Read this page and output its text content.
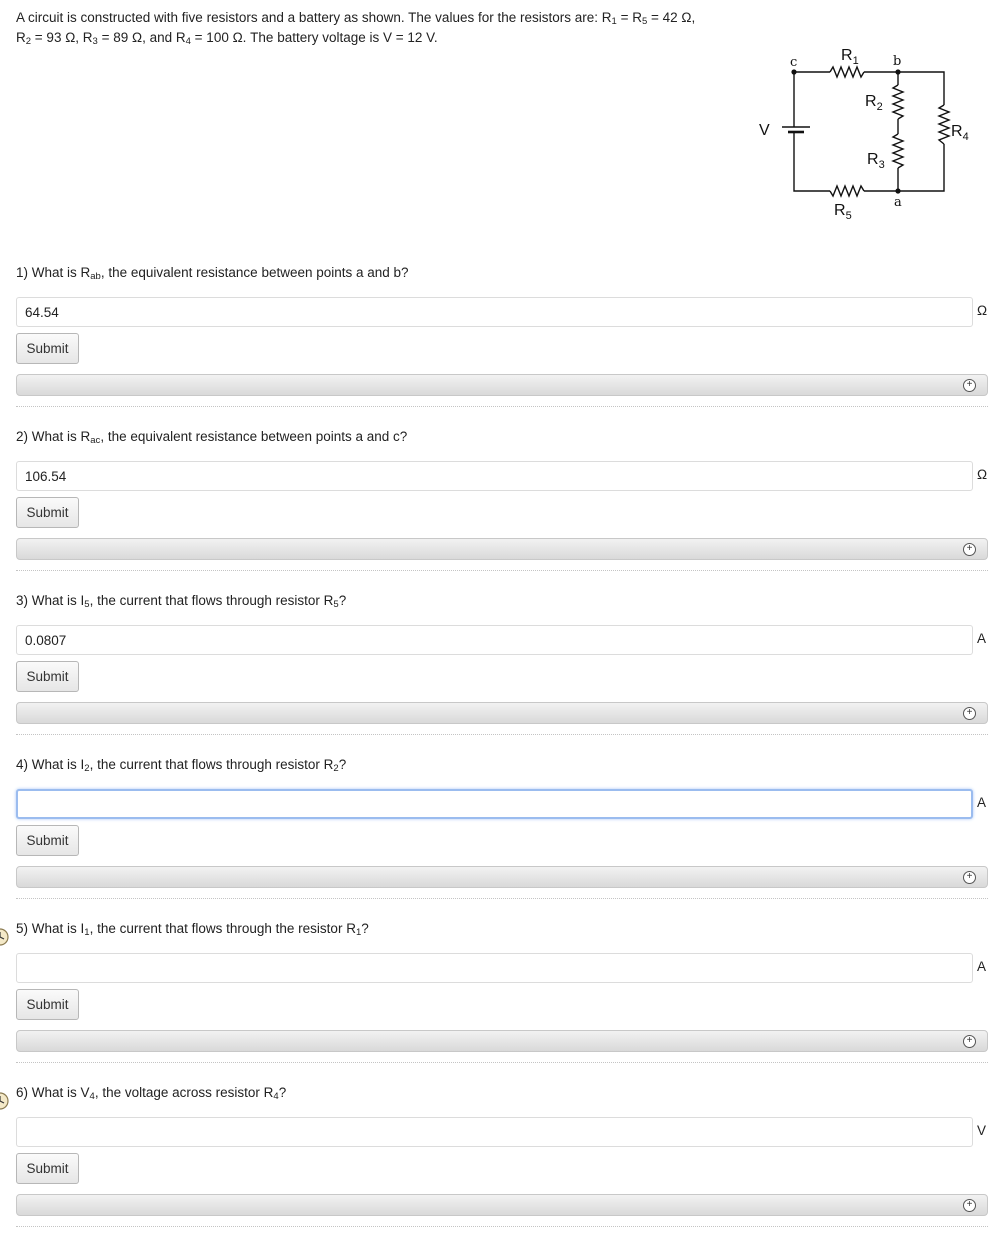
A circuit is constructed with five resistors and a battery as shown. The values for the resistors are: $R_1 = R_5 = 42$ Ω,
$R_2 = 93$ Ω, $R_3 = 89$ Ω, and $R_4 = 100$ Ω. The battery voltage is V = 12 V.
c	b
a
V
$R_1$
$R_2$
$R_3$
$R_4$
$R_5$
1) What is $R_{ab}$, the equivalent resistance between points a and b?
64.54
Ω
Submit
+
2) What is $R_{ac}$, the equivalent resistance between points a and c?
106.54
Ω
Submit
+
3) What is $I_5$, the current that flows through resistor $R_5$?
0.0807
A
Submit
+
4) What is $I_2$, the current that flows through resistor $R_2$?
A
Submit
+
5) What is $I_1$, the current that flows through the resistor $R_1$?
A
Submit
+
6) What is $V_4$, the voltage across resistor $R_4$?
V
Submit
+
